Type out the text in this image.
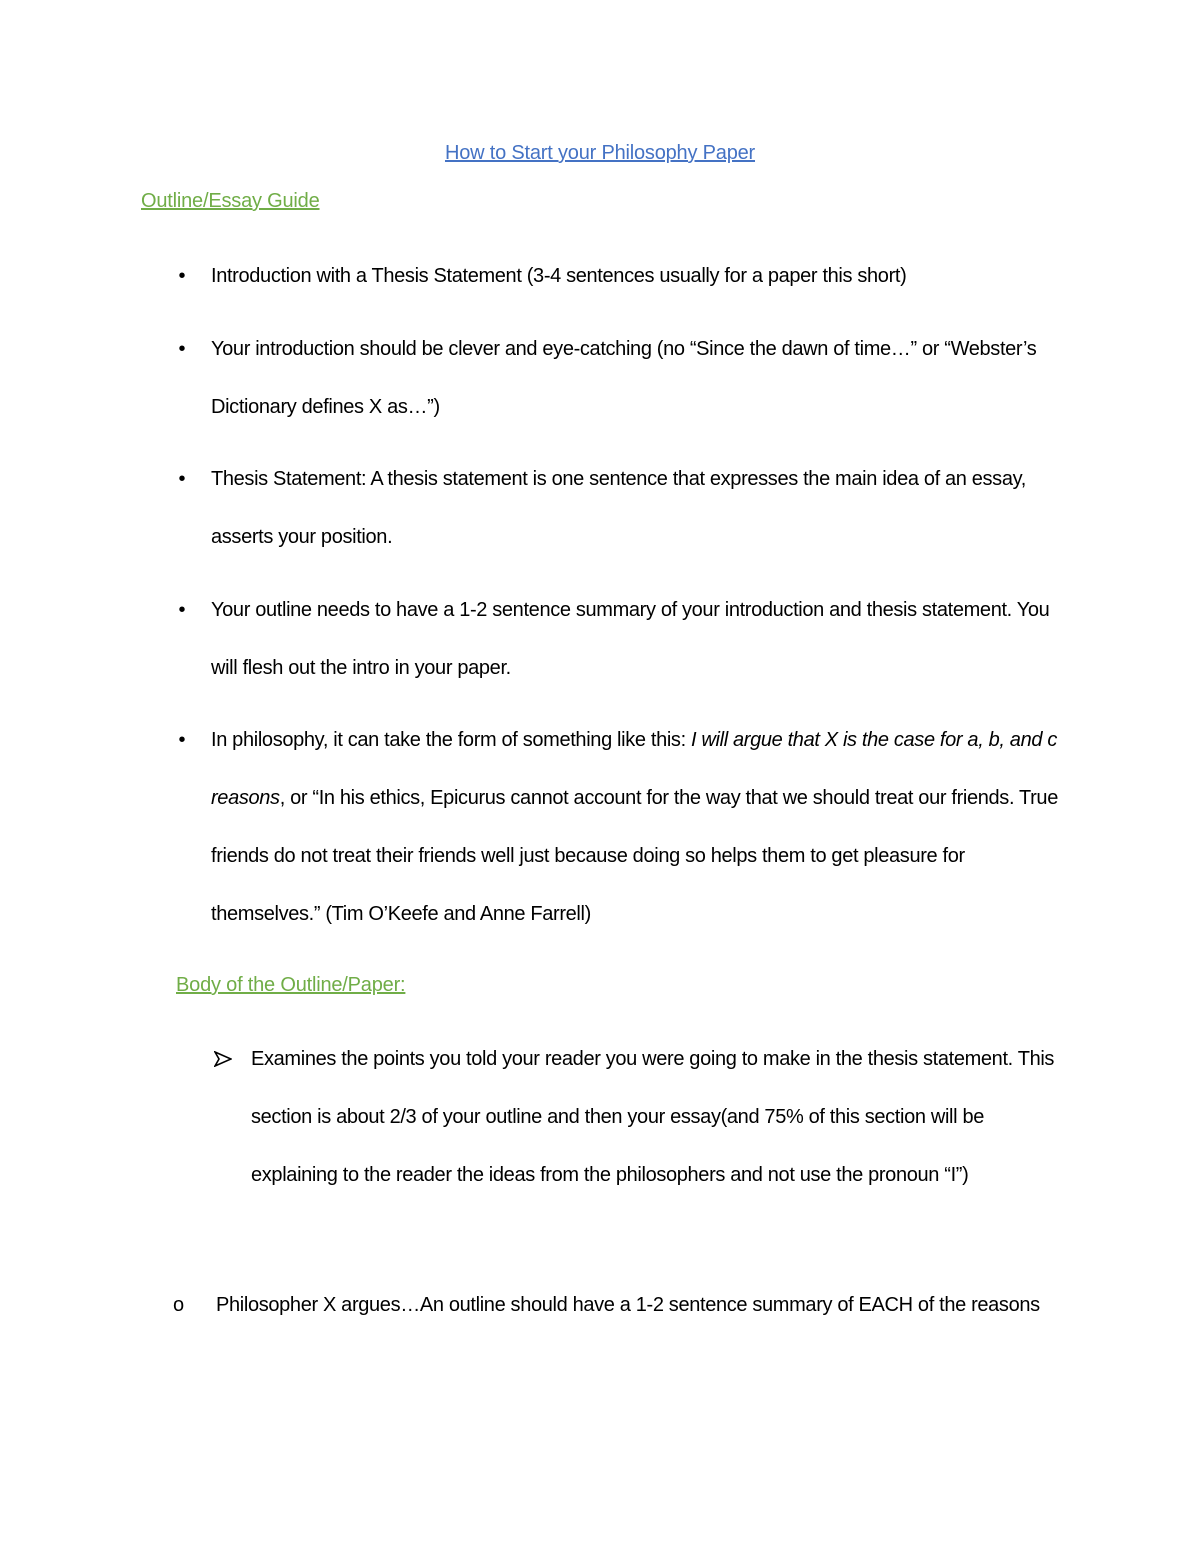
How to Start your Philosophy Paper
Outline/Essay Guide
• Introduction with a Thesis Statement (3-4 sentences usually for a paper this short)
• Your introduction should be clever and eye-catching (no “Since the dawn of time…” or “Webster’s Dictionary defines X as…”)
• Thesis Statement: A thesis statement is one sentence that expresses the main idea of an essay, asserts your position.
• Your outline needs to have a 1-2 sentence summary of your introduction and thesis statement. You will flesh out the intro in your paper.
• In philosophy, it can take the form of something like this: I will argue that X is the case for a, b, and c reasons, or “In his ethics, Epicurus cannot account for the way that we should treat our friends. True friends do not treat their friends well just because doing so helps them to get pleasure for themselves.” (Tim O’Keefe and Anne Farrell)
Body of the Outline/Paper:
Examines the points you told your reader you were going to make in the thesis statement. This section is about 2/3 of your outline and then your essay(and 75% of this section will be explaining to the reader the ideas from the philosophers and not use the pronoun “I”)
o Philosopher X argues…An outline should have a 1-2 sentence summary of EACH of the reasons
